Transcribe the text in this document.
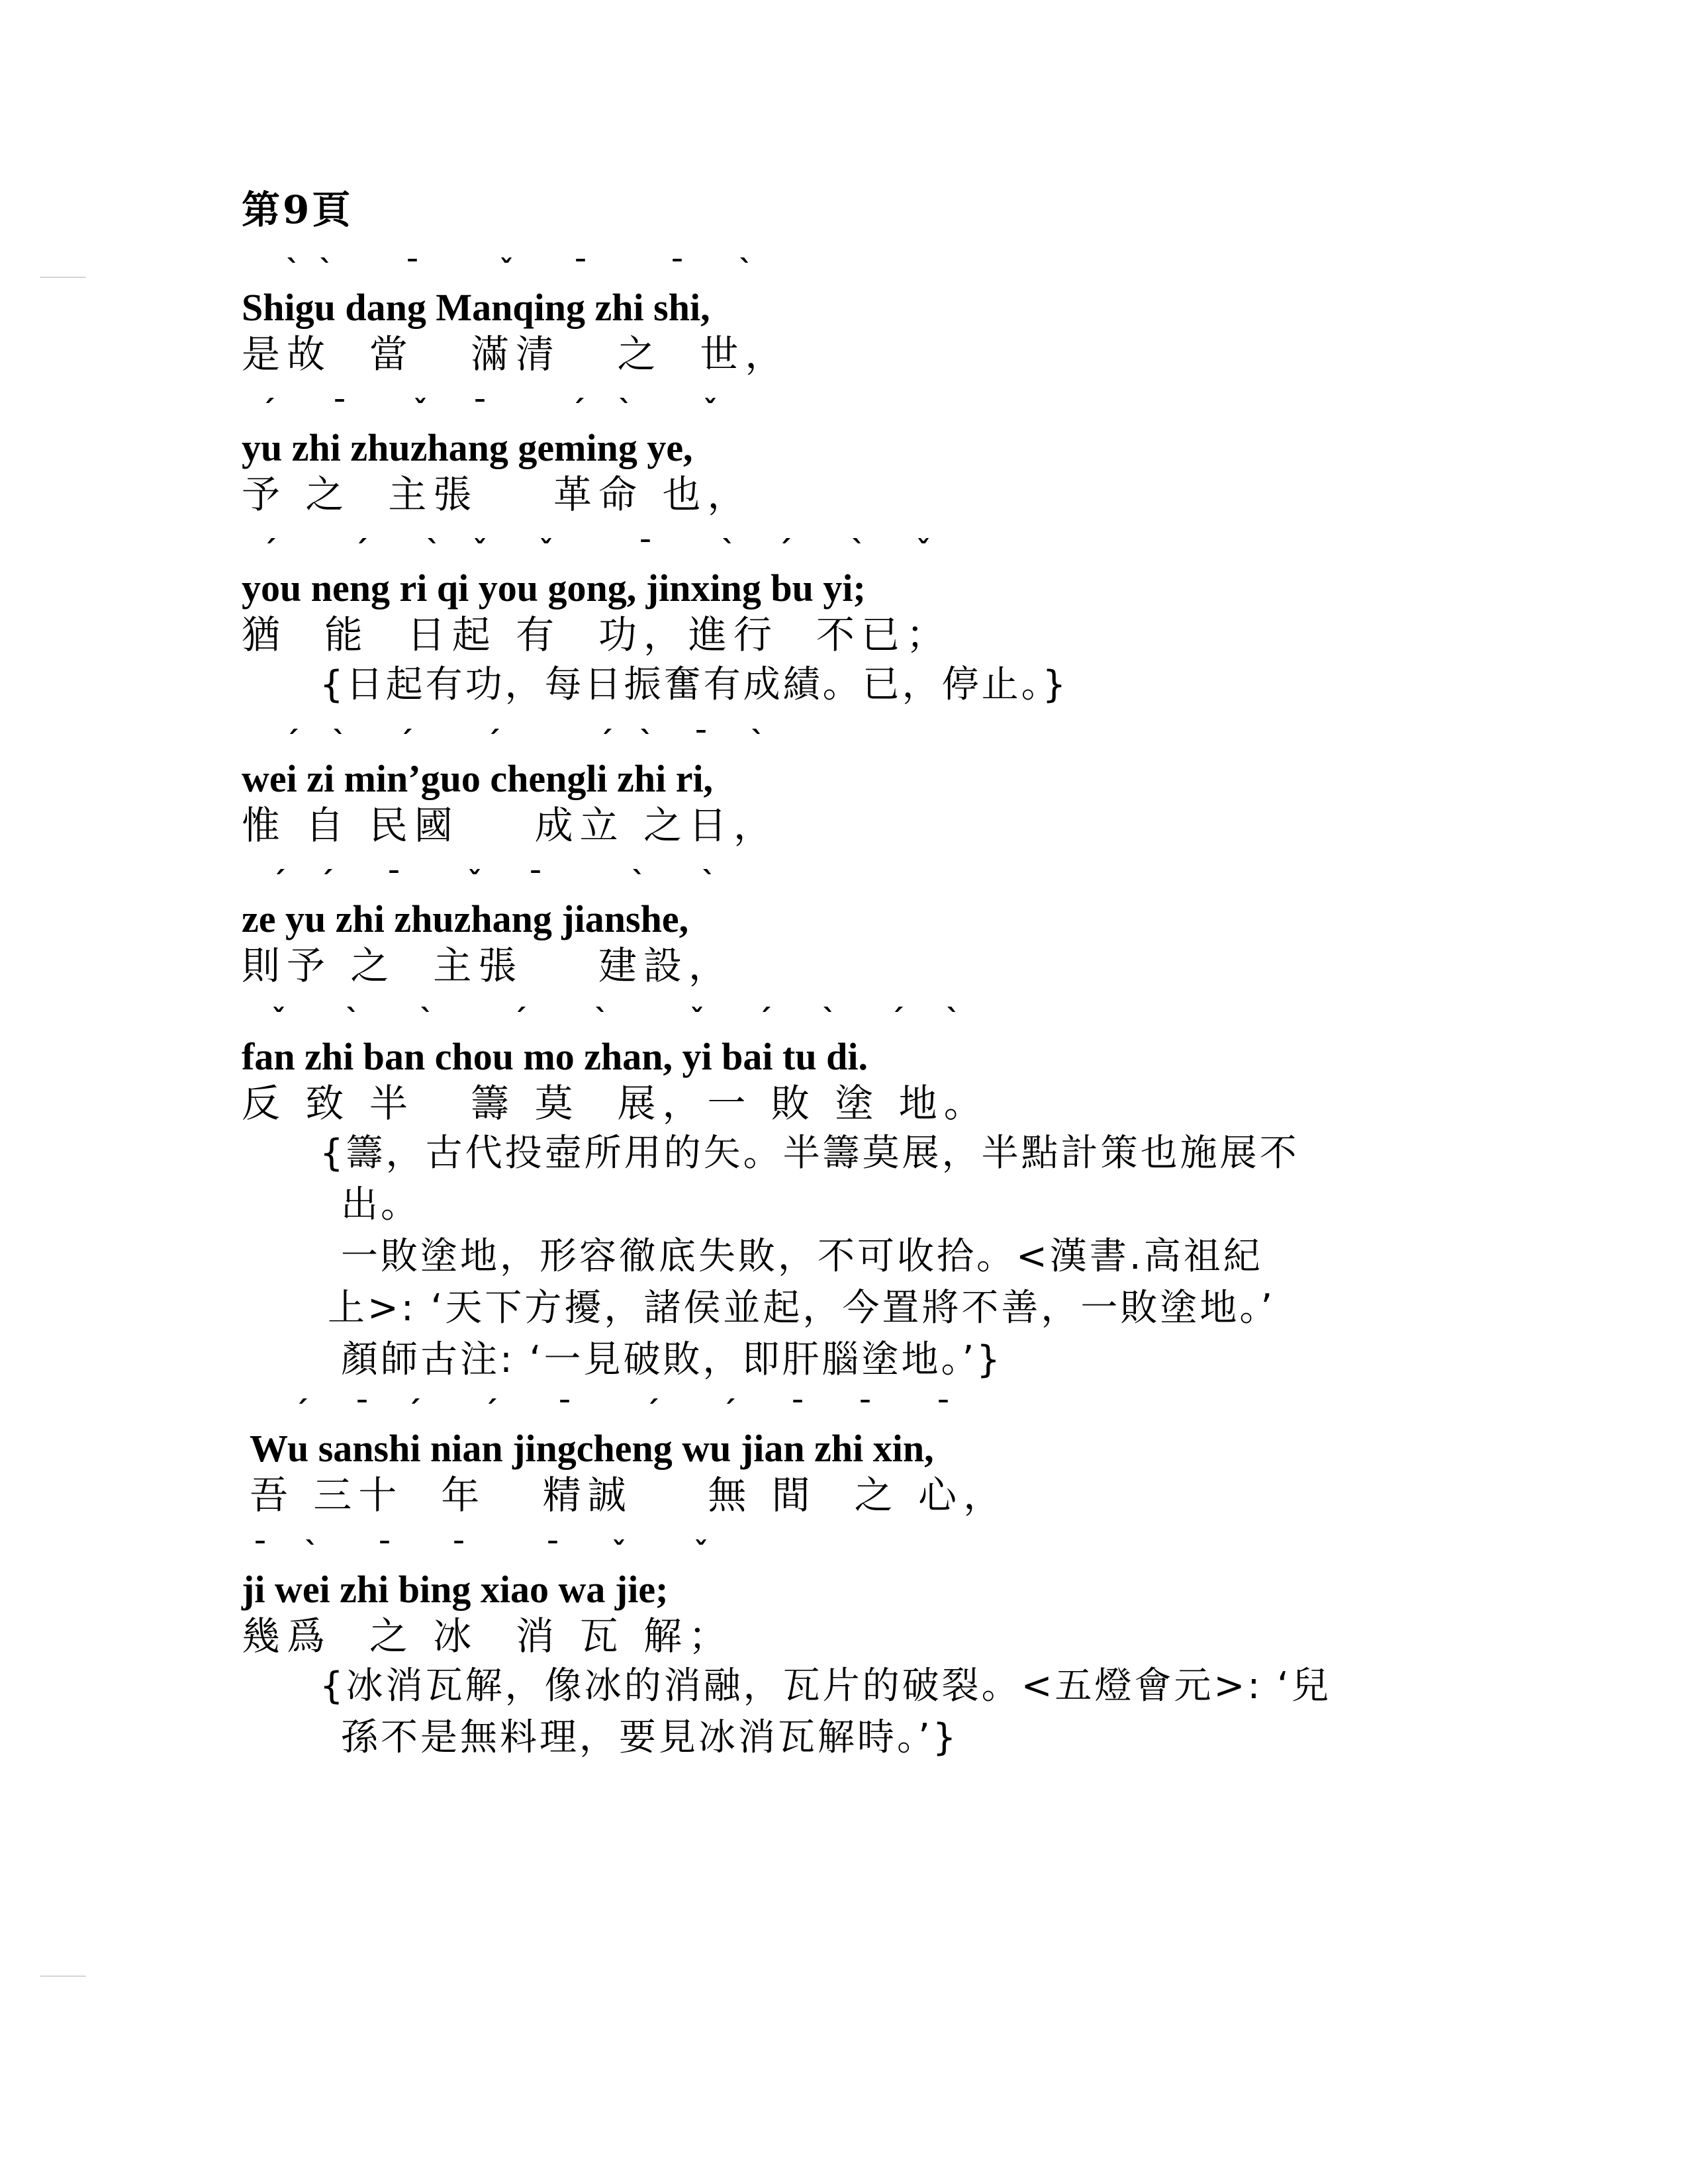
第9頁
ˋ ˋ ˉ	ˇ ˉ	ˉ ˋ
Shigu dang Manqing zhi shi,
是故  當   滿清   之  世，
ˊ ˉ ˇ ˉ	ˊ ˋ ˇ
yu zhi zhuzhang geming ye,
予 之  主張    革命 也，
ˊ	ˊ ˋ ˇ ˇ	ˉ ˋ ˊ ˋ ˇ
you neng ri qi you gong, jinxing bu yi;
猶  能  日起 有  功，進行  不已；
{日起有功，每日振奮有成績。已，停止。}
ˊ ˋ ˊ	ˊ	ˊ ˋ ˉ ˋ
wei zi min’guo chengli zhi ri,
惟 自 民國    成立 之日，
ˊ ˊ ˉ ˇ ˉ	ˋ ˋ
ze yu zhi zhuzhang jianshe,
則予 之  主張    建設，
ˇ ˋ ˋ	ˊ ˋ	ˇ ˊ ˋ ˊ ˋ
fan zhi ban chou mo zhan, yi bai tu di.
反 致 半   籌 莫  展，一 敗 塗 地。
{籌，古代投壺所用的矢。半籌莫展，半點計策也施展不
出。
一敗塗地，形容徹底失敗，不可收拾。<漢書.高祖紀
上>: ‘天下方擾，諸侯並起，今置將不善，一敗塗地。’
顏師古注: ‘一見破敗，即肝腦塗地。’}
ˊ ˉ ˊ ˊ ˉ	ˊ ˊ ˉ ˉ ˉ
Wu sanshi nian jingcheng wu jian zhi xin,
吾 三十  年   精誠    無 間  之 心，
ˉ ˋ ˉ ˉ	ˉ ˇ ˇ
ji wei zhi bing xiao wa jie;
幾爲  之 冰  消 瓦 解；
{冰消瓦解，像冰的消融，瓦片的破裂。<五燈會元>: ‘兒
孫不是無料理，要見冰消瓦解時。’}
